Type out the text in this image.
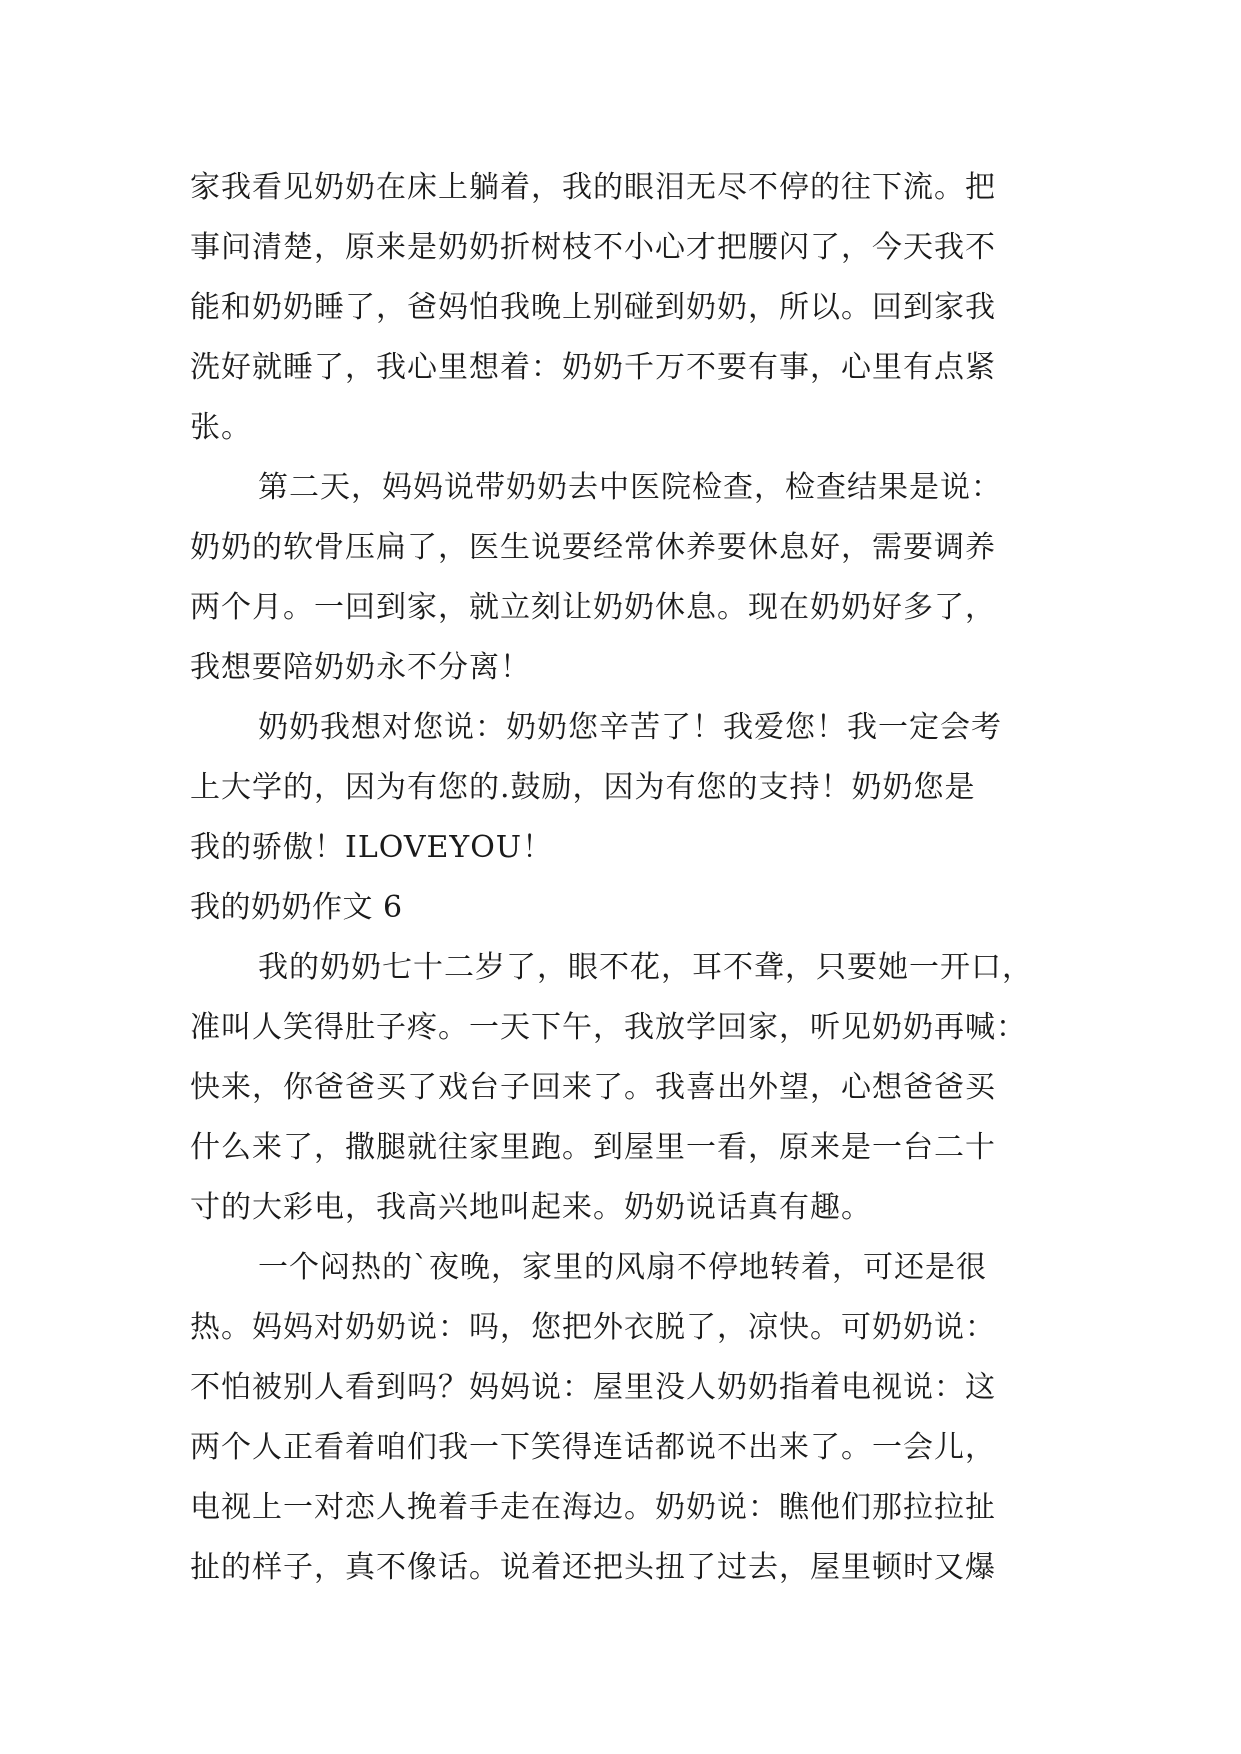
家我看见奶奶在床上躺着，我的眼泪无尽不停的往下流。把
事问清楚，原来是奶奶折树枝不小心才把腰闪了，今天我不
能和奶奶睡了，爸妈怕我晚上别碰到奶奶，所以。回到家我
洗好就睡了，我心里想着：奶奶千万不要有事，心里有点紧
张。
第二天，妈妈说带奶奶去中医院检查，检查结果是说：
奶奶的软骨压扁了，医生说要经常休养要休息好，需要调养
两个月。一回到家，就立刻让奶奶休息。现在奶奶好多了，
我想要陪奶奶永不分离！
奶奶我想对您说：奶奶您辛苦了！我爱您！我一定会考
上大学的，因为有您的.鼓励，因为有您的支持！奶奶您是
我的骄傲！ILOVEYOU！
我的奶奶作文 6
我的奶奶七十二岁了，眼不花，耳不聋，只要她一开口，
准叫人笑得肚子疼。一天下午，我放学回家，听见奶奶再喊：
快来，你爸爸买了戏台子回来了。我喜出外望，心想爸爸买
什么来了，撒腿就往家里跑。到屋里一看，原来是一台二十
寸的大彩电，我高兴地叫起来。奶奶说话真有趣。
一个闷热的`夜晚，家里的风扇不停地转着，可还是很
热。妈妈对奶奶说：吗，您把外衣脱了，凉快。可奶奶说：
不怕被别人看到吗？妈妈说：屋里没人奶奶指着电视说：这
两个人正看着咱们我一下笑得连话都说不出来了。一会儿，
电视上一对恋人挽着手走在海边。奶奶说：瞧他们那拉拉扯
扯的样子，真不像话。说着还把头扭了过去，屋里顿时又爆
